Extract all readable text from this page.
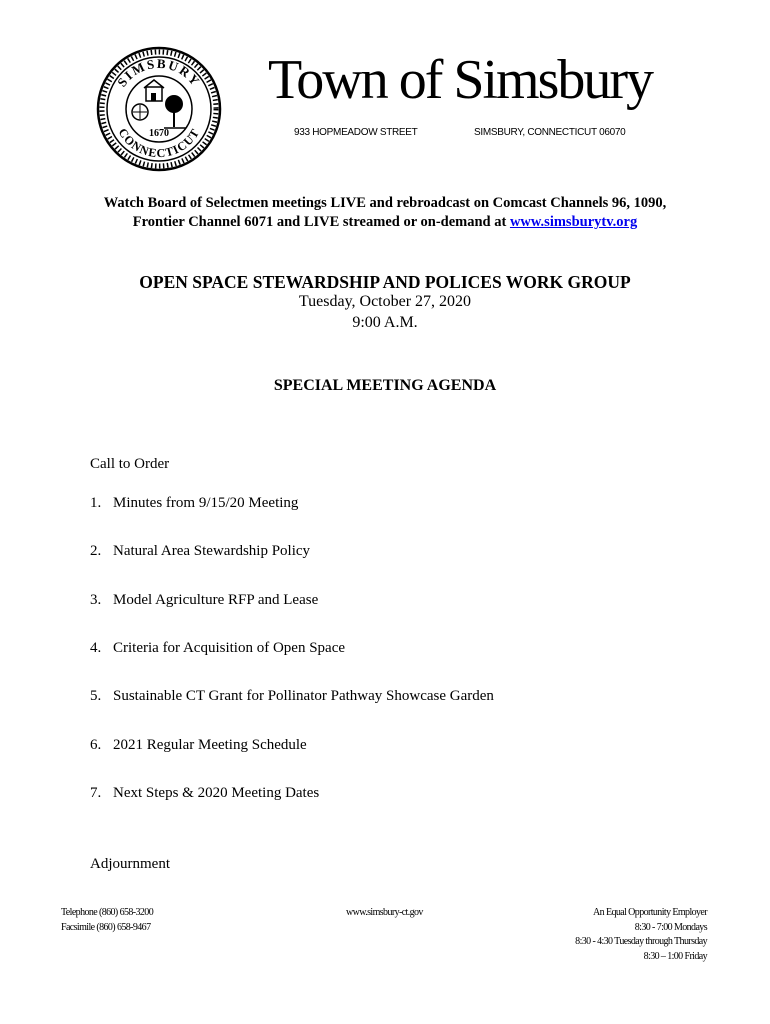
SIMSBURY
CONNECTICUT
1670
Town of Simsbury
933 HOPMEADOW STREET	SIMSBURY, CONNECTICUT 06070
Watch Board of Selectmen meetings LIVE and rebroadcast on Comcast Channels 96, 1090,
Frontier Channel 6071 and LIVE streamed or on-demand at www.simsburytv.org
OPEN SPACE STEWARDSHIP AND POLICES WORK GROUP
Tuesday, October 27, 2020
9:00 A.M.
SPECIAL MEETING AGENDA
Call to Order
1. Minutes from 9/15/20 Meeting
2. Natural Area Stewardship Policy
3. Model Agriculture RFP and Lease
4. Criteria for Acquisition of Open Space
5. Sustainable CT Grant for Pollinator Pathway Showcase Garden
6. 2021 Regular Meeting Schedule
7. Next Steps & 2020 Meeting Dates
Adjournment
Telephone (860) 658-3200
Facsimile (860) 658-9467
www.simsbury-ct.gov	An Equal Opportunity Employer
8:30 - 7:00 Mondays
8:30 - 4:30 Tuesday through Thursday
8:30 – 1:00 Friday
